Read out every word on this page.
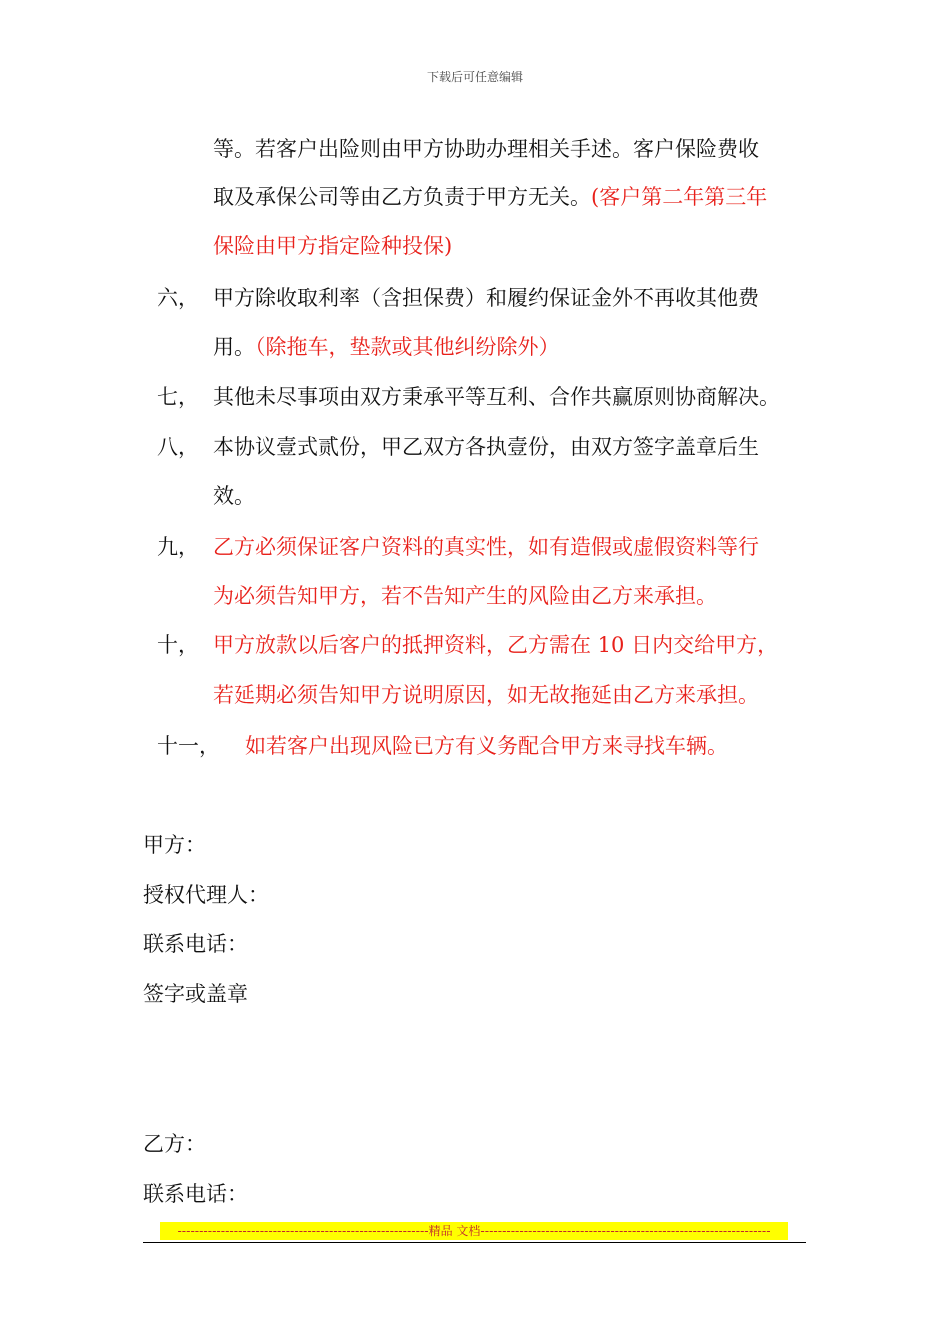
下载后可任意编辑
等。若客户出险则由甲方协助办理相关手述。客户保险费收
取及承保公司等由乙方负责于甲方无关。(客户第二年第三年
保险由甲方指定险种投保)
六， 甲方除收取利率（含担保费）和履约保证金外不再收其他费
用。（除拖车，垫款或其他纠纷除外）
七， 其他未尽事项由双方秉承平等互利、合作共赢原则协商解决。
八， 本协议壹式贰份，甲乙双方各执壹份，由双方签字盖章后生
效。
九， 乙方必须保证客户资料的真实性，如有造假或虚假资料等行
为必须告知甲方，若不告知产生的风险由乙方来承担。
十， 甲方放款以后客户的抵押资料，乙方需在 10 日内交给甲方，
若延期必须告知甲方说明原因，如无故拖延由乙方来承担。
十一， 如若客户出现风险已方有义务配合甲方来寻找车辆。
甲方：
授权代理人：
联系电话：
签字或盖章
乙方：
联系电话：
----------------------------------------------------------精品 文档-------------------------------------------------------------------
